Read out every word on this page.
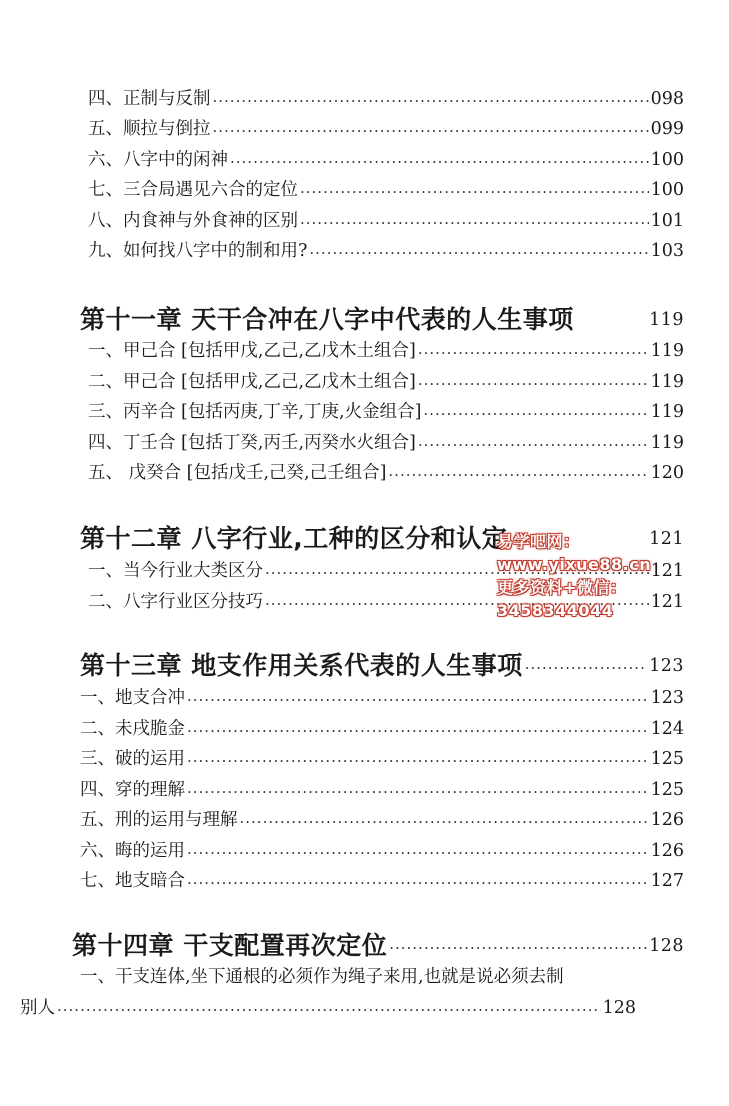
四、正制与反制 ·····	098
五、顺拉与倒拉 ·····	099
六、八字中的闲神 ·····	100
七、三合局遇见六合的定位 ·····	100
八、内食神与外食神的区别 ·····	101
九、如何找八字中的制和用? ·····	103
第十一章 天干合冲在八字中代表的人生事项	119
一、甲己合 [包括甲戊,乙己,乙戊木土组合] ·····	119
二、甲己合 [包括甲戊,乙己,乙戊木土组合] ·····	119
三、丙辛合 [包括丙庚,丁辛,丁庚,火金组合] ·····	119
四、丁壬合 [包括丁癸,丙壬,丙癸水火组合] ·····	119
五、 戊癸合 [包括戊壬,己癸,己壬组合] ·····	120
第十二章 八字行业,工种的区分和认定	121
一、当今行业大类区分 ·····	121
二、八字行业区分技巧 ·····	121
易学吧网：www.yixue88.cn
更多资料+微信：3458344044
第十三章 地支作用关系代表的人生事项 ·····	123
一、地支合冲 ·····	123
二、未戌脆金 ·····	124
三、破的运用 ·····	125
四、穿的理解 ·····	125
五、刑的运用与理解 ·····	126
六、晦的运用 ·····	126
七、地支暗合 ·····	127
第十四章 干支配置再次定位 ·····	128
一、干支连体,坐下通根的必须作为绳子来用,也就是说必须去制
别人 ·····	128
